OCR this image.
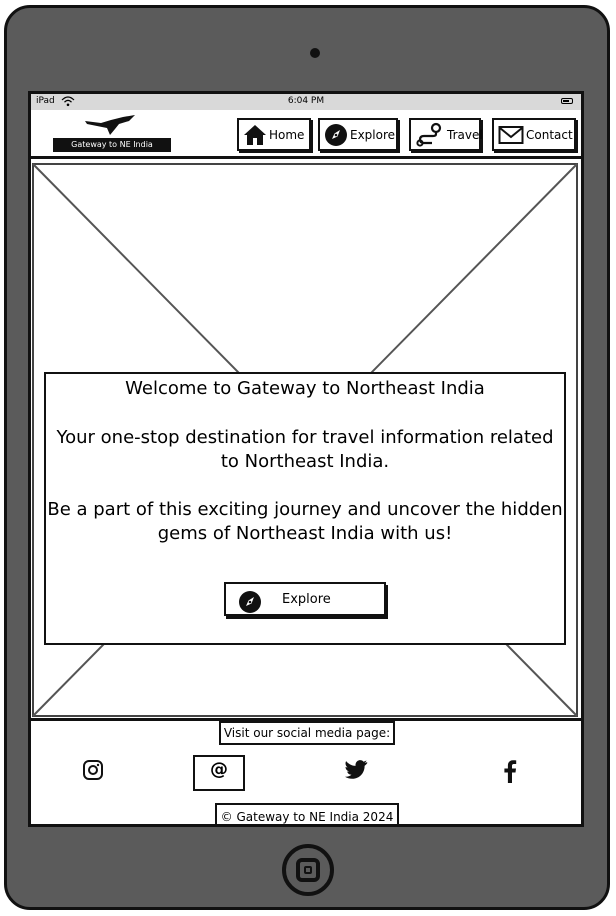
iPad	6:04 PM
Gateway to NE India
Home	Explore	Travel	Contact
Welcome to Gateway to Northeast India
Your one-stop destination for travel information related to Northeast India.
Be a part of this exciting journey and uncover the hidden gems of Northeast India with us!
Explore
Visit our social media page:
@
© Gateway to NE India 2024
